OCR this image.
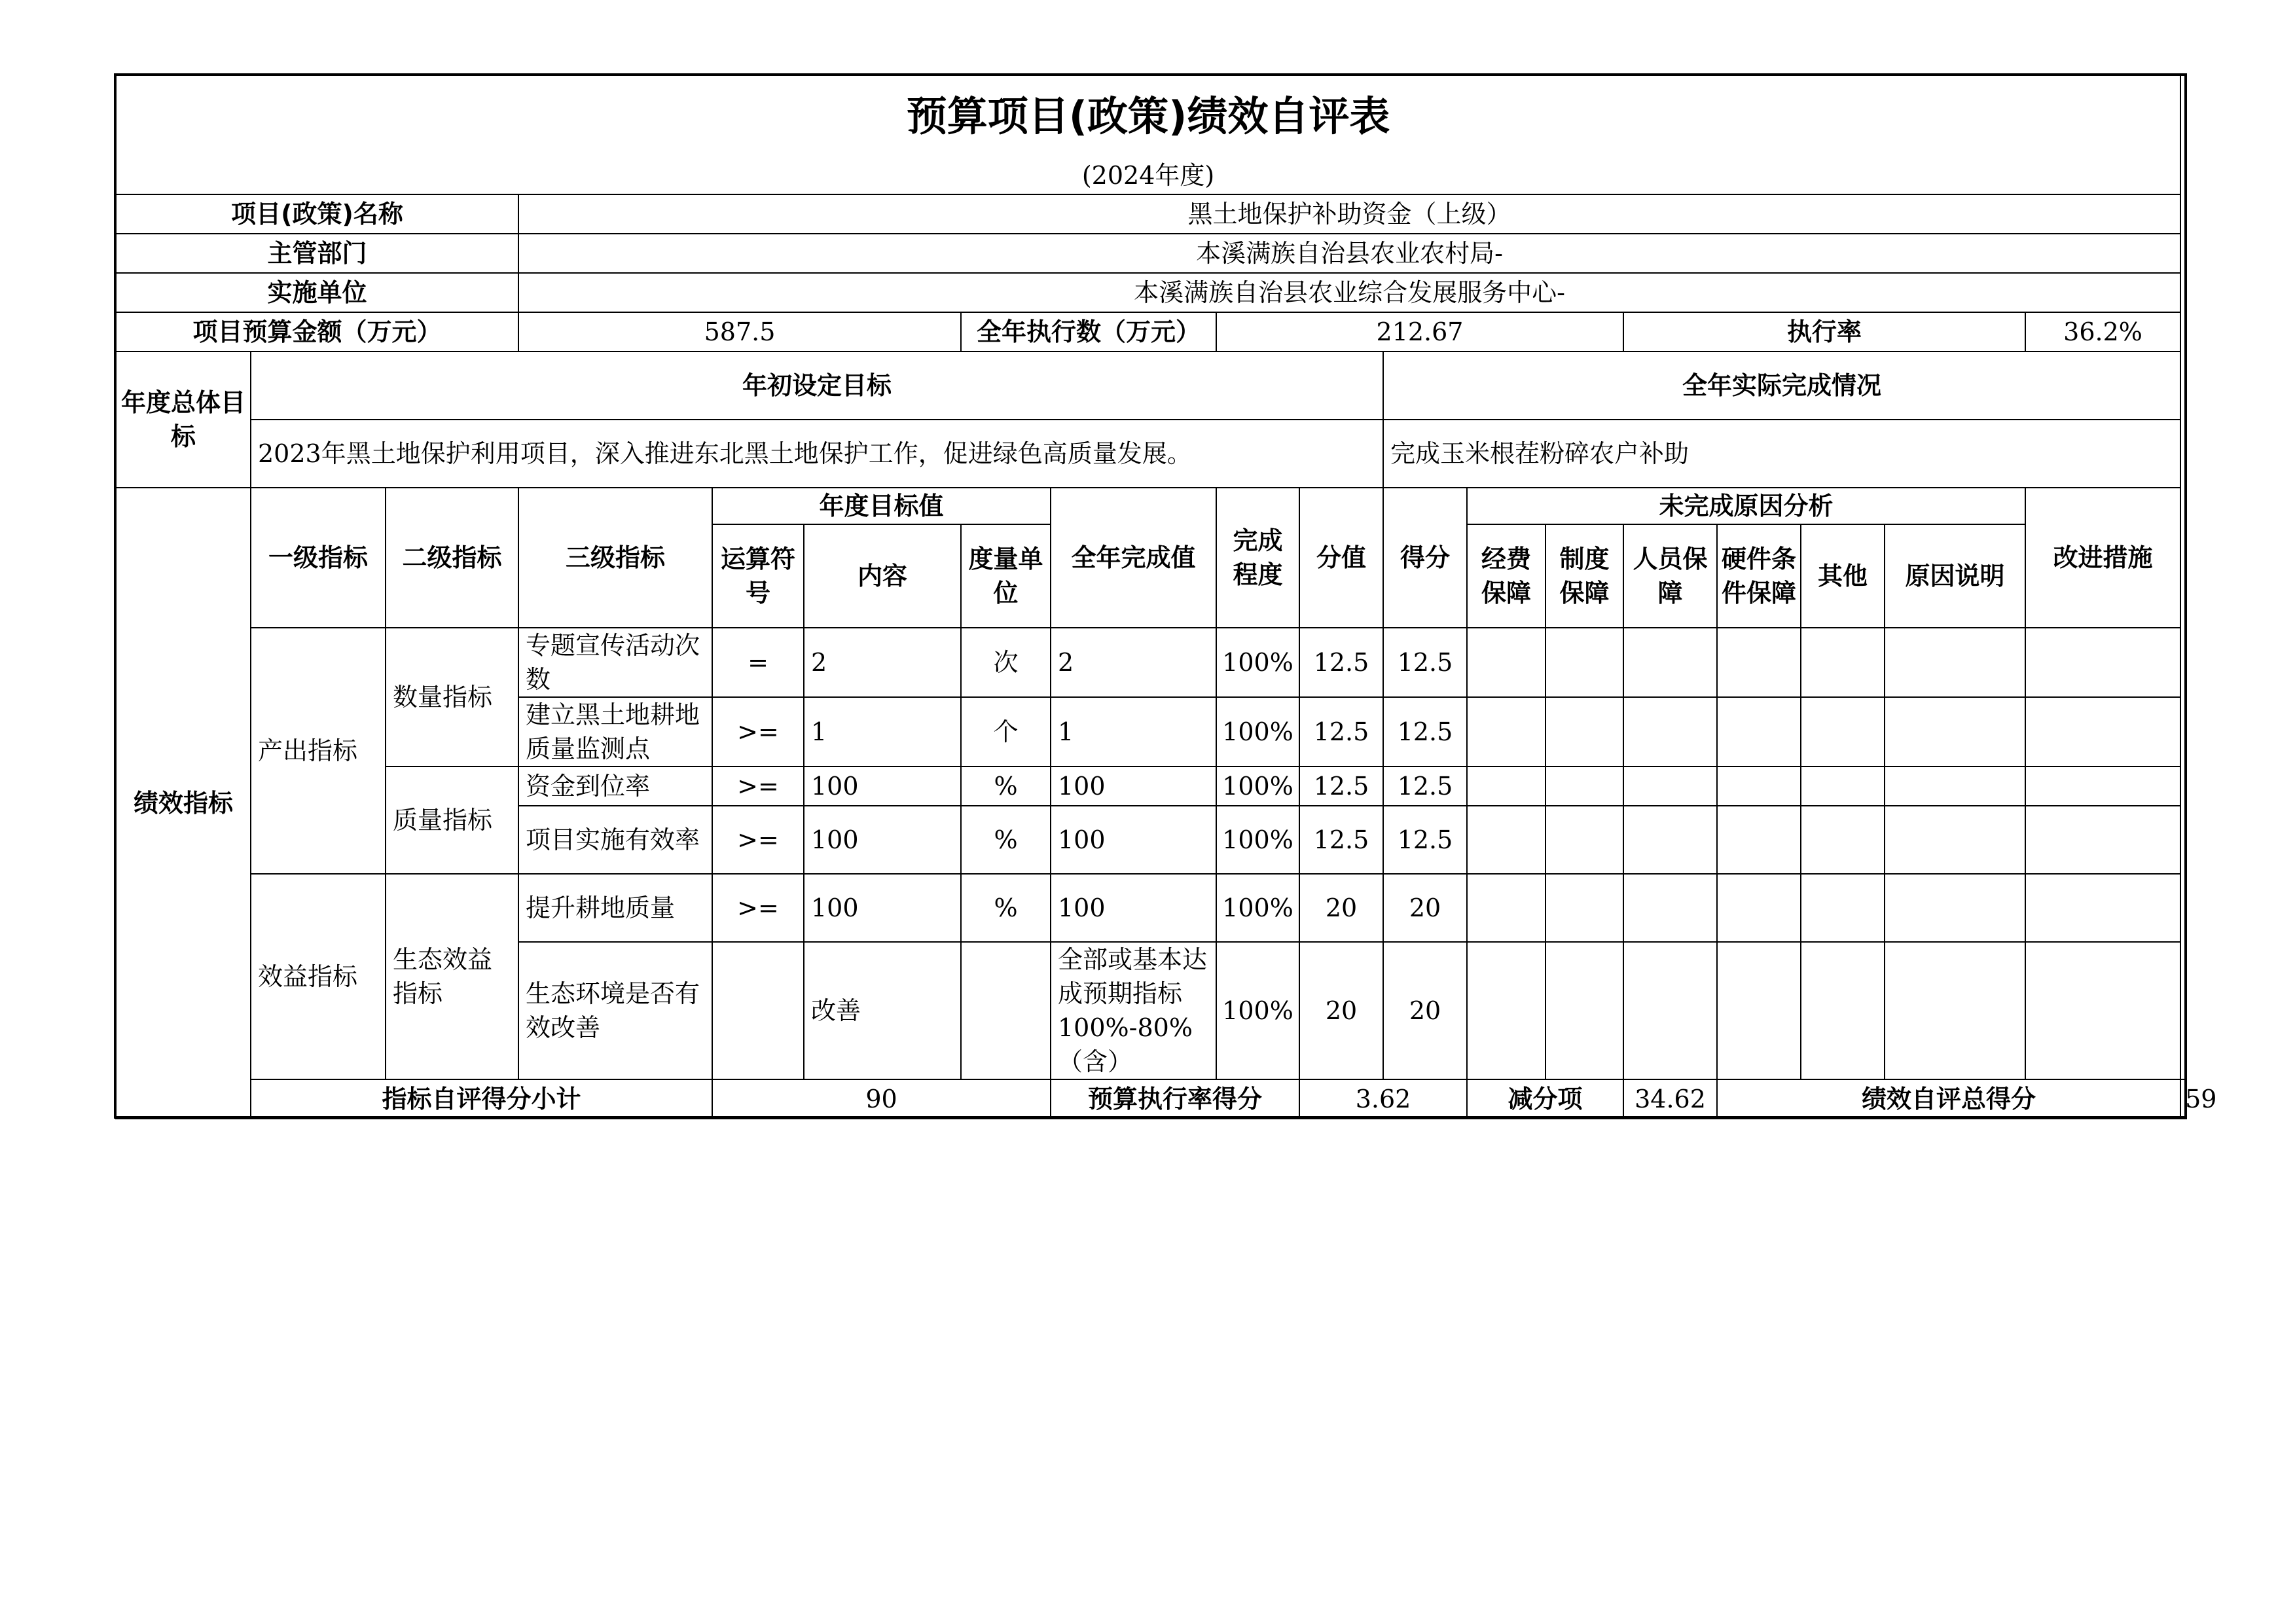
预算项目(政策)绩效自评表																		
(2024年度)																		
项目(政策)名称			黑土地保护补助资金（上级）															
主管部门			本溪满族自治县农业农村局-															
实施单位			本溪满族自治县农业综合发展服务中心-															
项目预算金额（万元）			587.5			全年执行数（万元）		212.67					执行率				36.2%	
年度总体目标	年初设定目标									全年实际完成情况								
	2023年黑土地保护利用项目，深入推进东北黑土地保护工作，促进绿色高质量发展。									完成玉米根茬粉碎农户补助								
绩效指标	一级指标	二级指标	三级指标	年度目标值			全年完成值	完成程度	分值	得分	未完成原因分析						改进措施	
				运算符号	内容	度量单位					经费保障	制度保障	人员保障	硬件条件保障	其他	原因说明		
	产出指标	数量指标	专题宣传活动次数	=	2	次	2	100%	12.5	12.5								
			建立黑土地耕地质量监测点	>=	1	个	1	100%	12.5	12.5								
		质量指标	资金到位率	>=	100	%	100	100%	12.5	12.5								
			项目实施有效率	>=	100	%	100	100%	12.5	12.5								
	效益指标	生态效益指标	提升耕地质量	>=	100	%	100	100%	20	20								
			生态环境是否有效改善		改善		全部或基本达成预期指标100%-80%（含）	100%	20	20								
	指标自评得分小计			90			预算执行率得分		3.62		减分项		34.62	绩效自评总得分				59
